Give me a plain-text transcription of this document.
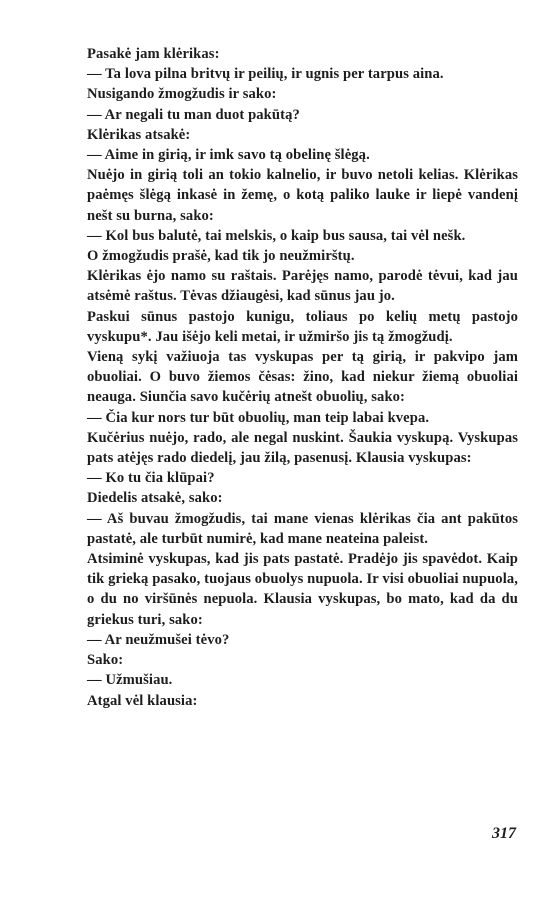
Pasakė jam klėrikas:

— Ta lova pilna britvų ir peilių, ir ugnis per tarpus aina.

Nusigando žmogžudis ir sako:

— Ar negali tu man duot pakūtą?

Klėrikas atsakė:

— Aime in girią, ir imk savo tą obelinę šlėgą.

Nuėjo in girią toli an tokio kalnelio, ir buvo netoli kelias. Klėrikas paėmęs šlėgą inkasė in žemę, o kotą paliko lauke ir liepė vandenį nešt su burna, sako:

— Kol bus balutė, tai melskis, o kaip bus sausa, tai vėl nešk.

O žmogžudis prašė, kad tik jo neužmirštų.

Klėrikas ėjo namo su raštais. Parėjęs namo, parodė tėvui, kad jau atsėmė raštus. Tėvas džiaugėsi, kad sūnus jau jo.

Paskui sūnus pastojo kunigu, toliaus po kelių metų pastojo vyskupu*. Jau išėjo keli metai, ir užmiršo jis tą žmogžudį.

Vieną sykį važiuoja tas vyskupas per tą girią, ir pakvipo jam obuoliai. O buvo žiemos čėsas: žino, kad niekur žiemą obuoliai neauga. Siunčia savo kučėrių atnešt obuolių, sako:

— Čia kur nors tur būt obuolių, man teip labai kvepa.

Kučėrius nuėjo, rado, ale negal nuskint. Šaukia vyskupą. Vyskupas pats atėjęs rado diedelį, jau žilą, pasenusį. Klausia vyskupas:

— Ko tu čia klūpai?

Diedelis atsakė, sako:

— Aš buvau žmogžudis, tai mane vienas klėrikas čia ant pakūtos pastatė, ale turbūt numirė, kad mane neateina paleist.

Atsiminė vyskupas, kad jis pats pastatė. Pradėjo jis spavėdot. Kaip tik grieką pasako, tuojaus obuolys nupuola. Ir visi obuoliai nupuola, o du no viršūnės nepuola. Klausia vyskupas, bo mato, kad da du griekus turi, sako:

— Ar neužmušei tėvo?

Sako:

— Užmušiau.

Atgal vėl klausia:

317
